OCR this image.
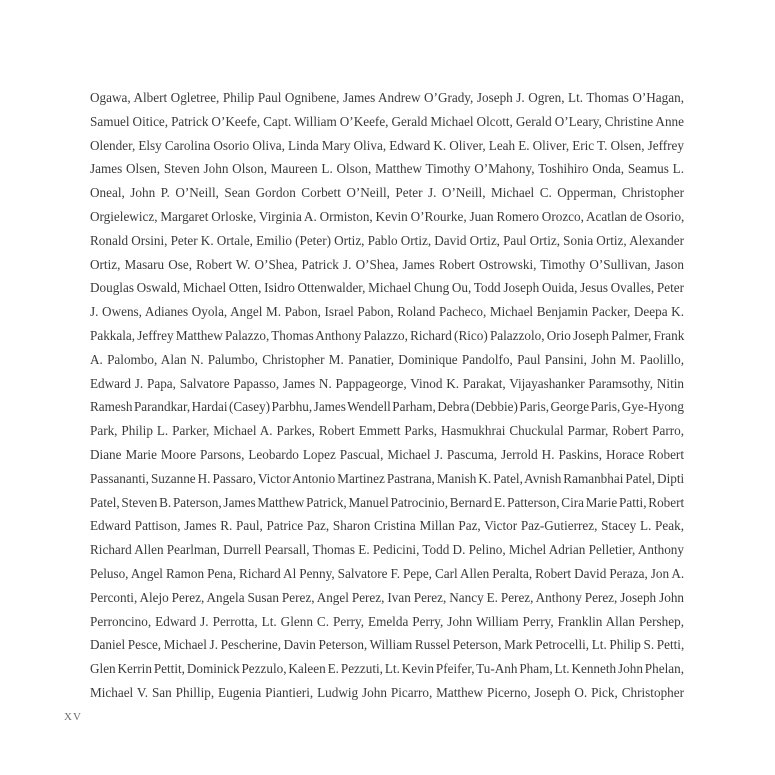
Ogawa, Albert Ogletree, Philip Paul Ognibene, James Andrew O’Grady, Joseph J. Ogren, Lt. Thomas O’Hagan,
Samuel Oitice, Patrick O’Keefe, Capt. William O’Keefe, Gerald Michael Olcott, Gerald O’Leary, Christine Anne
Olender, Elsy Carolina Osorio Oliva, Linda Mary Oliva, Edward K. Oliver, Leah E. Oliver, Eric T. Olsen, Jeffrey
James Olsen, Steven John Olson, Maureen L. Olson, Matthew Timothy O’Mahony, Toshihiro Onda, Seamus L.
Oneal, John P. O’Neill, Sean Gordon Corbett O’Neill, Peter J. O’Neill, Michael C. Opperman, Christopher
Orgielewicz, Margaret Orloske, Virginia A. Ormiston, Kevin O’Rourke, Juan Romero Orozco, Acatlan de Osorio,
Ronald Orsini, Peter K. Ortale, Emilio (Peter) Ortiz, Pablo Ortiz, David Ortiz, Paul Ortiz, Sonia Ortiz, Alexander
Ortiz, Masaru Ose, Robert W. O’Shea, Patrick J. O’Shea, James Robert Ostrowski, Timothy O’Sullivan, Jason
Douglas Oswald, Michael Otten, Isidro Ottenwalder, Michael Chung Ou, Todd Joseph Ouida, Jesus Ovalles, Peter
J. Owens, Adianes Oyola, Angel M. Pabon, Israel Pabon, Roland Pacheco, Michael Benjamin Packer, Deepa K.
Pakkala, Jeffrey Matthew Palazzo, Thomas Anthony Palazzo, Richard (Rico) Palazzolo, Orio Joseph Palmer, Frank
A. Palombo, Alan N. Palumbo, Christopher M. Panatier, Dominique Pandolfo, Paul Pansini, John M. Paolillo,
Edward J. Papa, Salvatore Papasso, James N. Pappageorge, Vinod K. Parakat, Vijayashanker Paramsothy, Nitin
Ramesh Parandkar, Hardai (Casey) Parbhu, James Wendell Parham, Debra (Debbie) Paris, George Paris, Gye-Hyong
Park, Philip L. Parker, Michael A. Parkes, Robert Emmett Parks, Hasmukhrai Chuckulal Parmar, Robert Parro,
Diane Marie Moore Parsons, Leobardo Lopez Pascual, Michael J. Pascuma, Jerrold H. Paskins, Horace Robert
Passananti, Suzanne H. Passaro, Victor Antonio Martinez Pastrana, Manish K. Patel, Avnish Ramanbhai Patel, Dipti
Patel, Steven B. Paterson, James Matthew Patrick, Manuel Patrocinio, Bernard E. Patterson, Cira Marie Patti, Robert
Edward Pattison, James R. Paul, Patrice Paz, Sharon Cristina Millan Paz, Victor Paz-Gutierrez, Stacey L. Peak,
Richard Allen Pearlman, Durrell Pearsall, Thomas E. Pedicini, Todd D. Pelino, Michel Adrian Pelletier, Anthony
Peluso, Angel Ramon Pena, Richard Al Penny, Salvatore F. Pepe, Carl Allen Peralta, Robert David Peraza, Jon A.
Perconti, Alejo Perez, Angela Susan Perez, Angel Perez, Ivan Perez, Nancy E. Perez, Anthony Perez, Joseph John
Perroncino, Edward J. Perrotta, Lt. Glenn C. Perry, Emelda Perry, John William Perry, Franklin Allan Pershep,
Daniel Pesce, Michael J. Pescherine, Davin Peterson, William Russel Peterson, Mark Petrocelli, Lt. Philip S. Petti,
Glen Kerrin Pettit, Dominick Pezzulo, Kaleen E. Pezzuti, Lt. Kevin Pfeifer, Tu-Anh Pham, Lt. Kenneth John Phelan,
Michael V. San Phillip, Eugenia Piantieri, Ludwig John Picarro, Matthew Picerno, Joseph O. Pick, Christopher
XV
